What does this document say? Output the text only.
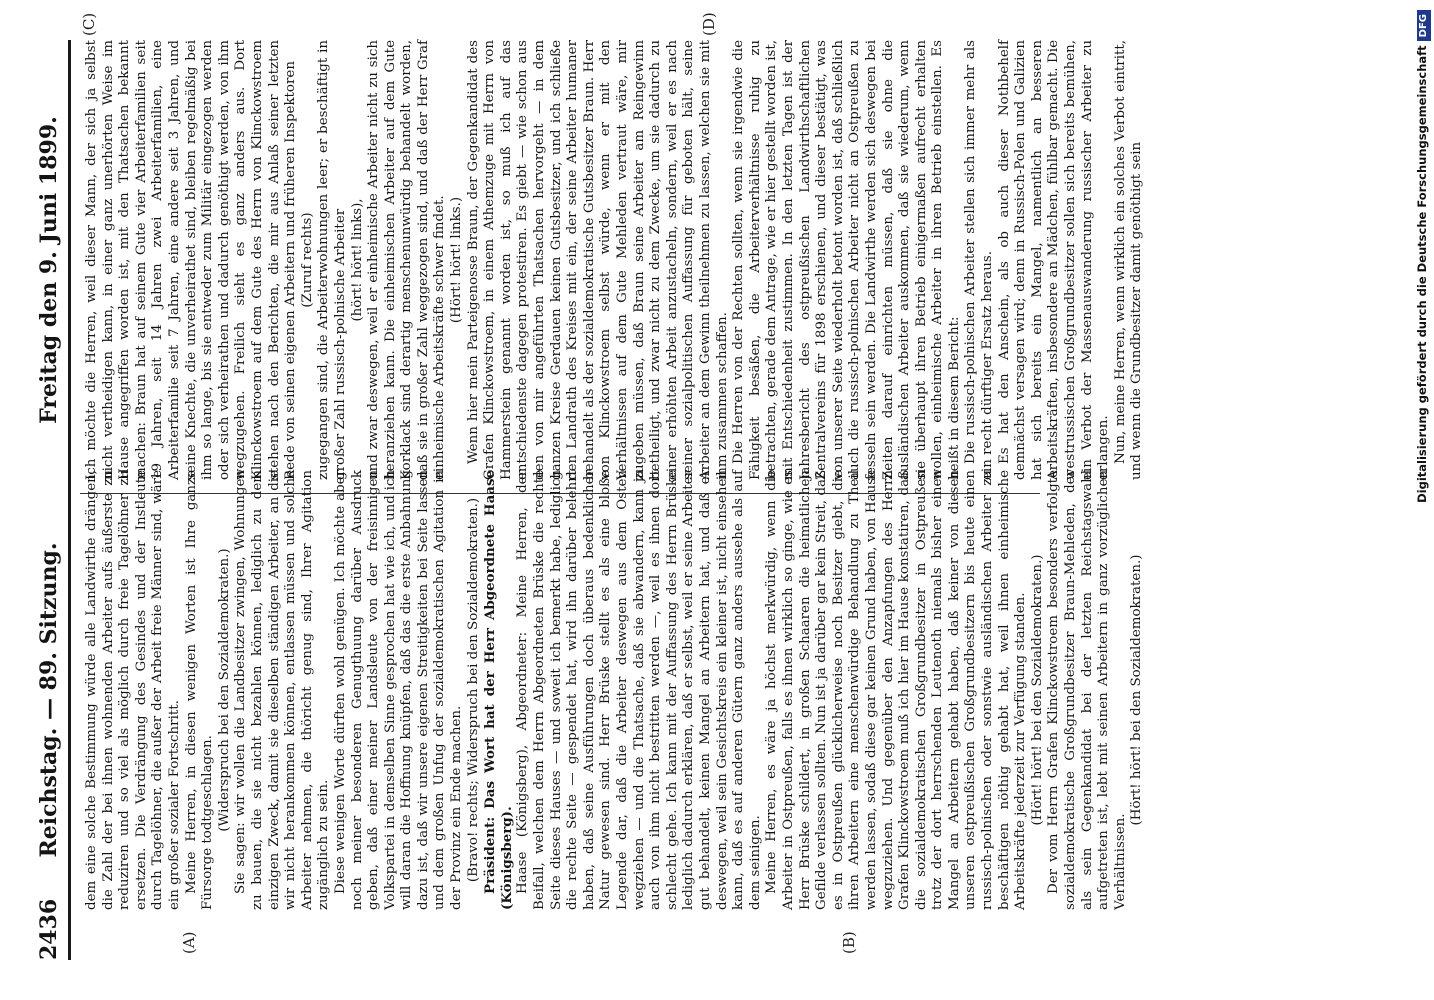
2436
Reichstag. — 89. Sitzung.
Freitag den 9. Juni 1899.
(A)	(B)
(C)	(D)

dem eine solche Bestimmung würde alle Landwirthe drängen, die Zahl der bei ihnen wohnenden Arbeiter aufs äußerste zu reduziren und so viel als möglich durch freie Tagelöhner zu ersetzen. Die Verdrängung des Gesindes und der Instleute durch Tagelöhner, die außer der Arbeit freie Männer sind, wäre ein großer sozialer Fortschritt. Meine Herren, in diesen wenigen Worten ist Ihre ganze Fürsorge todtgeschlagen. (Widerspruch bei den Sozialdemokraten.) Sie sagen: wir wollen die Landbesitzer zwingen, Wohnungen zu bauen, die sie nicht bezahlen können, lediglich zu dem einzigen Zweck, damit sie dieselben ständigen Arbeiter, an die wir nicht herankommen können, entlassen müssen und solche Arbeiter nehmen, die thöricht genug sind, Ihrer Agitation zugänglich zu sein. Diese wenigen Worte dürften wohl genügen. Ich möchte aber noch meiner besonderen Genugthuung darüber Ausdruck geben, daß einer meiner Landsleute von der freisinnigen Volkspartei in demselben Sinne gesprochen hat wie ich, und ich will daran die Hoffnung knüpfen, daß das die erste Anbahnung dazu ist, daß wir unsere eigenen Streitigkeiten bei Seite lassen und dem großen Unfug der sozialdemokratischen Agitation in der Provinz ein Ende machen. (Bravo! rechts; Widerspruch bei den Sozialdemokraten.) Präsident: Das Wort hat der Herr Abgeordnete Haase (Königsberg). Haase (Königsberg), Abgeordneter: Meine Herren, der Beifall, welchen dem Herrn Abgeordneten Brüske die rechte Seite dieses Hauses — und soweit ich bemerkt habe, lediglich die rechte Seite — gespendet hat, wird ihn darüber belehrt haben, daß seine Ausführungen doch überaus bedenklicher Natur gewesen sind. Herr Brüske stellt es als eine bloße Legende dar, daß die Arbeiter deswegen aus dem Osten wegziehen — und die Thatsache, daß sie abwandern, kann ja auch von ihm nicht bestritten werden —, weil es ihnen dort schlecht gehe. Ich kann mit der Auffassung des Herrn Brüske lediglich dadurch erklären, daß er selbst, weil er seine Arbeiter gut behandelt, keinen Mangel an Arbeitern hat, und daß er deswegen, weil sein Gesichtskreis ein kleiner ist, nicht einsehen kann, daß es auf anderen Gütern ganz anders aussehe als auf dem seinigen. Meine Herren, es wäre ja höchst merkwürdig, wenn die Arbeiter in Ostpreußen, falls es ihnen wirklich so ginge, wie es Herr Brüske schildert, in großen Schaaren die heimatlichen Gefilde verlassen sollten. Nun ist ja darüber gar kein Streit, daß es in Ostpreußen glücklicherweise noch Besitzer giebt, die ihren Arbeitern eine menschenwürdige Behandlung zu Theil werden lassen, sodaß diese gar keinen Grund haben, von Hause wegzuziehen. Und gegenüber den Anzapfungen des Herrn Grafen Klinckowstroem muß ich hier im Hause konstatiren, daß die sozialdemokratischen Großgrundbesitzer in Ostpreußen trotz der dort herrschenden Leutenoth niemals bisher einen Mangel an Arbeitern gehabt haben, daß keiner von diesen unseren ostpreußischen Großgrundbesitzern bis heute einen russisch-polnischen oder sonstwie ausländischen Arbeiter zu beschäftigen nöthig gehabt hat, weil ihnen einheimische Arbeitskräfte jederzeit zur Verfügung standen. (Hört! hört! bei den Sozialdemokraten.) Der vom Herrn Grafen Klinckowstroem besonders verfolgte sozialdemokratische Großgrundbesitzer Braun-Mehleden, der als sein Gegenkandidat bei der letzten Reichstagswahl aufgetreten ist, lebt mit seinen Arbeitern in ganz vorzüglichen Verhältnissen.

(Hört! hört! bei den Sozialdemokraten.)

Ich möchte die Herren, weil dieser Mann, der sich ja selbst nicht vertheidigen kann, in einer ganz unerhörten Weise im Hause angegriffen worden ist, mit den Thatsachen bekannt machen: Braun hat auf seinem Gute vier Arbeiterfamilien seit 19 Jahren, seit 14 Jahren zwei Arbeiterfamilien, eine Arbeiterfamilie seit 7 Jahren, eine andere seit 3 Jahren, und seine Knechte, die unverheirathet sind, bleiben regelmäßig bei ihm so lange, bis sie entweder zum Militär eingezogen werden oder sich verheirathen und dadurch genöthigt werden, von ihm wegzugehen. Freilich sieht es ganz anders aus. Dort Klinckowstroem auf dem Gute des Herrn von Klinckowstroem stehen nach den Berichten, die mir aus Anlaß seiner letzten Rede von seinen eigenen Arbeitern und früheren Inspektoren (Zuruf rechts) zugegangen sind, die Arbeiterwohnungen leer; er beschäftigt in großer Zahl russisch-polnische Arbeiter (hört! hört! links), und zwar deswegen, weil er einheimische Arbeiter nicht zu sich heranziehen kann. Die einheimischen Arbeiter auf dem Gute Korklack sind derartig menschenunwürdig behandelt worden, daß sie in großer Zahl weggezogen sind, und daß der Herr Graf einheimische Arbeitskräfte schwer findet. (Hört! hört! links.) Wenn hier mein Parteigenosse Braun, der Gegenkandidat des Grafen Klinckowstroem, in einem Athemzuge mit Herrn von Hammerstein genannt worden ist, so muß ich auf das entschiedenste dagegen protestiren. Es giebt — wie schon aus den von mir angeführten Thatsachen hervorgeht — in dem ganzen Kreise Gerdauen keinen Gutsbesitzer, und ich schließe den Landrath des Kreises mit ein, der seine Arbeiter humaner behandelt als der sozialdemokratische Gutsbesitzer Braun. Herr von Klinckowstroem selbst würde, wenn er mit den Verhältnissen auf dem Gute Mehleden vertraut wäre, mir zugeben müssen, daß Braun seine Arbeiter am Reingewinn betheiligt, und zwar nicht zu dem Zwecke, um sie dadurch zu einer erhöhten Arbeit anzustacheln, sondern, weil er es nach seiner sozialpolitischen Auffassung für geboten hält, seine Arbeiter an dem Gewinn theilnehmen zu lassen, welchen sie mit ihm zusammen schaffen. Die Herren von der Rechten sollten, wenn sie irgendwie die Fähigkeit besäßen, die Arbeiterverhältnisse ruhig zu betrachten, gerade dem Antrage, wie er hier gestellt worden ist, mit Entschiedenheit zustimmen. In den letzten Tagen ist der Jahresbericht des ostpreußischen Landwirthschaftlichen Zentralvereins für 1898 erschienen, und dieser bestätigt, was von unserer Seite wiederholt betont worden ist, daß schließlich auch die russisch-polnischen Arbeiter nicht an Ostpreußen zu fesseln sein werden. Die Landwirthe werden sich deswegen bei Zeiten darauf einrichten müssen, daß sie ohne die ausländischen Arbeiter auskommen, daß sie wiederum, wenn sie überhaupt ihren Betrieb einigermaßen aufrecht erhalten wollen, einheimische Arbeiter in ihren Betrieb einstellen. Es heißt in diesem Bericht: Die russisch-polnischen Arbeiter stellen sich immer mehr als ein recht dürftiger Ersatz heraus. Es hat den Anschein, als ob auch dieser Nothbehelf demnächst versagen wird; denn in Russisch-Polen und Galizien hat sich bereits ein Mangel, namentlich an besseren Arbeitskräften, insbesondere an Mädchen, fühlbar gemacht. Die westrussischen Großgrundbesitzer sollen sich bereits bemühen, ein Verbot der Massenauswanderung russischer Arbeiter zu erlangen. Nun, meine Herren, wenn wirklich ein solches Verbot eintritt, und wenn die Grundbesitzer damit genöthigt sein	Digitalisierung gefördert durch die Deutsche ForschungsgemeinschaftDFG
